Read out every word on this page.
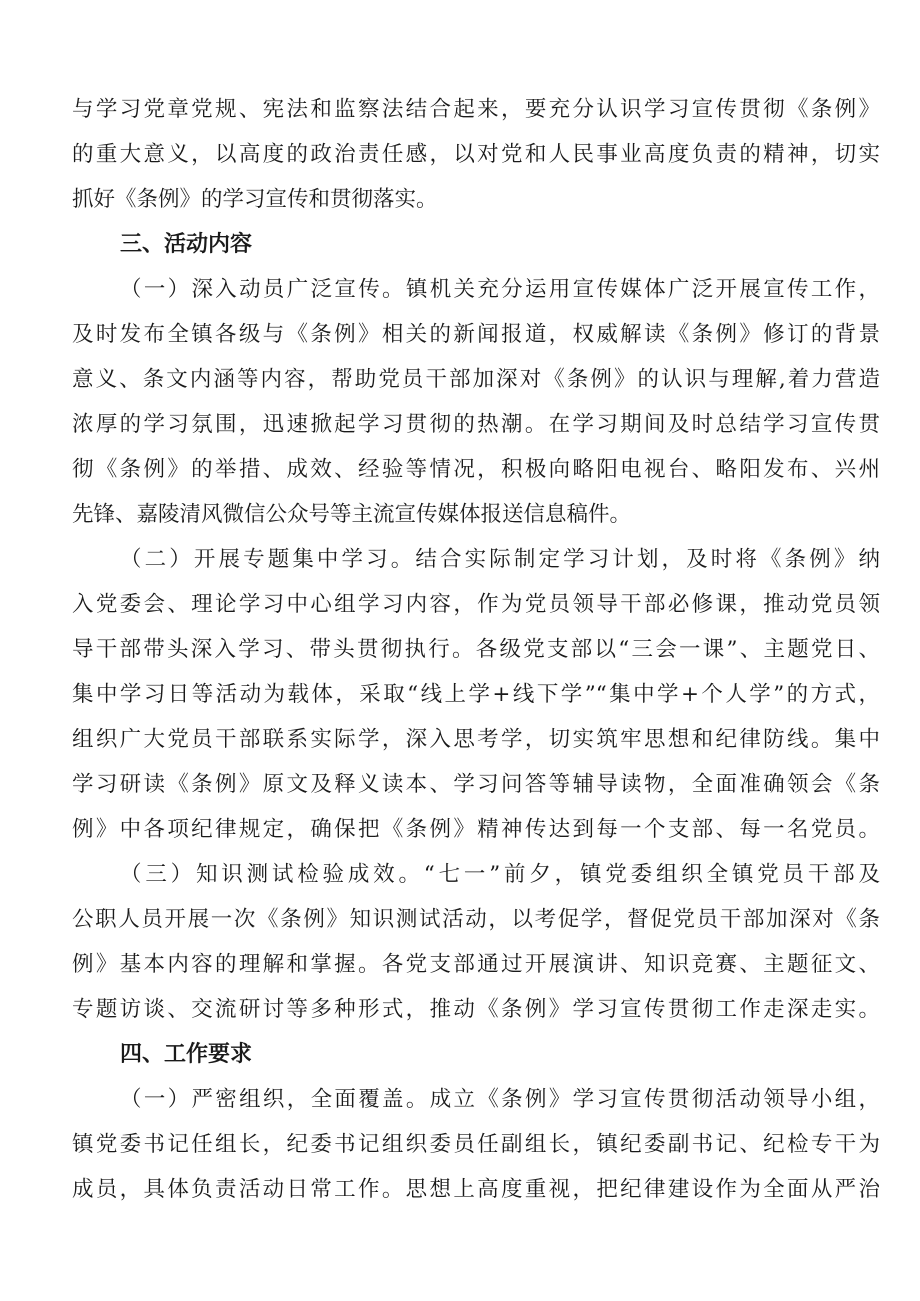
与学习党章党规、宪法和监察法结合起来，要充分认识学习宣传贯彻《条例》
的重大意义，以高度的政治责任感，以对党和人民事业高度负责的精神，切实
抓好《条例》的学习宣传和贯彻落实。
三、活动内容
（一）深入动员广泛宣传。镇机关充分运用宣传媒体广泛开展宣传工作，
及时发布全镇各级与《条例》相关的新闻报道，权威解读《条例》修订的背景
意义、条文内涵等内容，帮助党员干部加深对《条例》的认识与理解,着力营造
浓厚的学习氛围，迅速掀起学习贯彻的热潮。在学习期间及时总结学习宣传贯
彻《条例》的举措、成效、经验等情况，积极向略阳电视台、略阳发布、兴州
先锋、嘉陵清风微信公众号等主流宣传媒体报送信息稿件。
（二）开展专题集中学习。结合实际制定学习计划，及时将《条例》纳
入党委会、理论学习中心组学习内容，作为党员领导干部必修课，推动党员领
导干部带头深入学习、带头贯彻执行。各级党支部以“三会一课”、主题党日、
集中学习日等活动为载体，采取“线上学+线下学”“集中学+个人学”的方式，
组织广大党员干部联系实际学，深入思考学，切实筑牢思想和纪律防线。集中
学习研读《条例》原文及释义读本、学习问答等辅导读物，全面准确领会《条
例》中各项纪律规定，确保把《条例》精神传达到每一个支部、每一名党员。
（三）知识测试检验成效。“七一”前夕，镇党委组织全镇党员干部及
公职人员开展一次《条例》知识测试活动，以考促学，督促党员干部加深对《条
例》基本内容的理解和掌握。各党支部通过开展演讲、知识竞赛、主题征文、
专题访谈、交流研讨等多种形式，推动《条例》学习宣传贯彻工作走深走实。
四、工作要求
（一）严密组织，全面覆盖。成立《条例》学习宣传贯彻活动领导小组，
镇党委书记任组长，纪委书记组织委员任副组长，镇纪委副书记、纪检专干为
成员，具体负责活动日常工作。思想上高度重视，把纪律建设作为全面从严治
